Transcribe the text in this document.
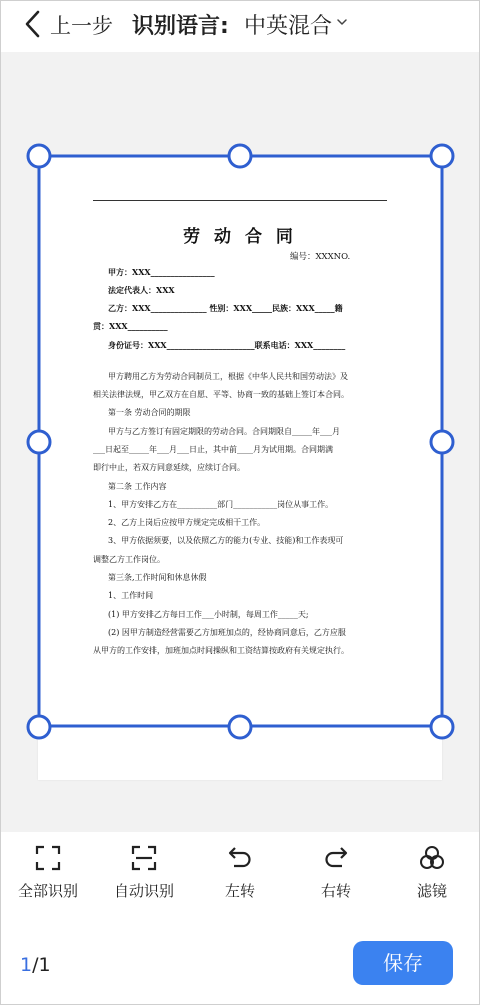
上一步 识别语言: 中英混合
劳 动 合 同
编号：XXXNO.
甲方：XXX________________
法定代表人：XXX
乙方：XXX______________ 性别：XXX_____民族：XXX_____籍
贯：XXX__________
身份证号：XXX______________________联系电话：XXX________
甲方聘用乙方为劳动合同制员工，根据《中华人民共和国劳动法》及
相关法律法规，甲乙双方在自愿、平等、协商一致的基础上签订本合同。
第一条 劳动合同的期限
甲方与乙方签订有固定期限的劳动合同。合同期限自_____年___月
___日起至_____年___月___日止，其中前____月为试用期。合同期满
即行中止，若双方同意延续，应续订合同。
第二条 工作内容
1、甲方安排乙方在__________部门___________岗位从事工作。
2、乙方上岗后应按甲方规定完成相干工作。
3、甲方依据须要，以及依照乙方的能力(专业、技能)和工作表现可
调整乙方工作岗位。
第三条,工作时间和休息休假
1、工作时间
(1) 甲方安排乙方每日工作___小时制，每周工作_____天;
(2) 因甲方制造经营需要乙方加班加点的，经协商同意后，乙方应服
从甲方的工作安排，加班加点时间操纵和工资结算按政府有关规定执行。
全部识别	自动识别	左转	右转	滤镜
1/1	保存
